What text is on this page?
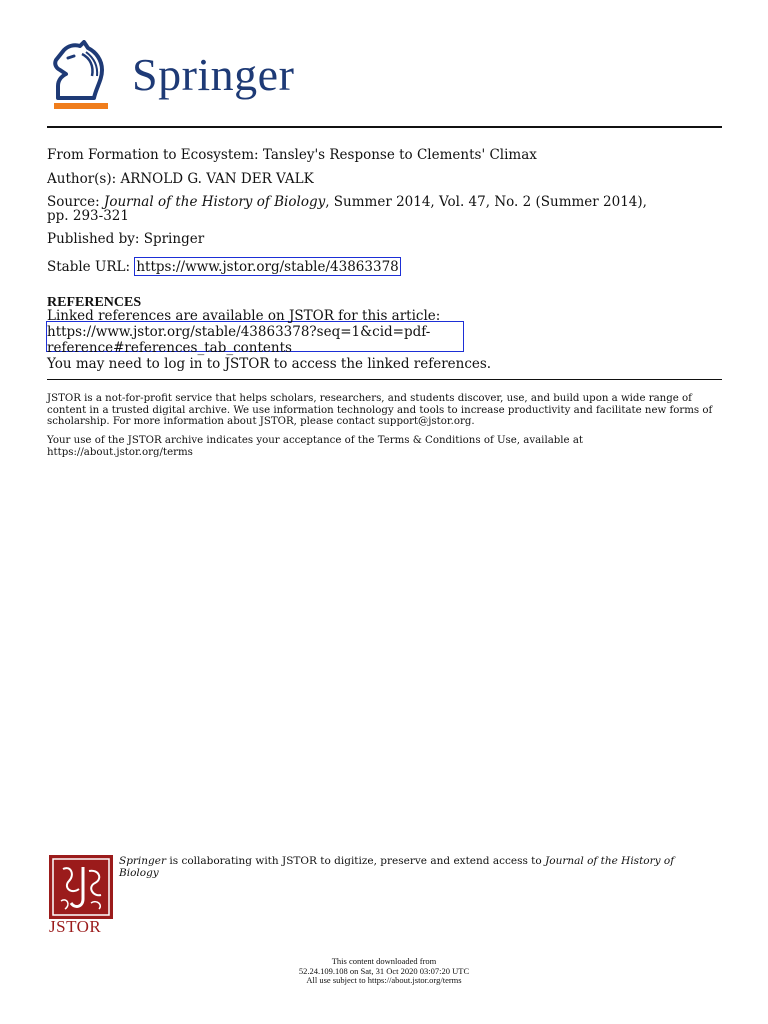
Springer
From Formation to Ecosystem: Tansley's Response to Clements' Climax
Author(s): ARNOLD G. VAN DER VALK
Source: Journal of the History of Biology, Summer 2014, Vol. 47, No. 2 (Summer 2014),
pp. 293-321
Published by: Springer
Stable URL: https://www.jstor.org/stable/43863378
REFERENCES
Linked references are available on JSTOR for this article:
https://www.jstor.org/stable/43863378?seq=1&cid=pdf-
reference#references_tab_contents
You may need to log in to JSTOR to access the linked references.
JSTOR is a not-for-profit service that helps scholars, researchers, and students discover, use, and build upon a wide range of content in a trusted digital archive. We use information technology and tools to increase productivity and facilitate new forms of scholarship. For more information about JSTOR, please contact support@jstor.org.
Your use of the JSTOR archive indicates your acceptance of the Terms & Conditions of Use, available at https://about.jstor.org/terms
JSTOR
Springer is collaborating with JSTOR to digitize, preserve and extend access to Journal of the History of Biology
This content downloaded from
52.24.109.108 on Sat, 31 Oct 2020 03:07:20 UTC
All use subject to https://about.jstor.org/terms
